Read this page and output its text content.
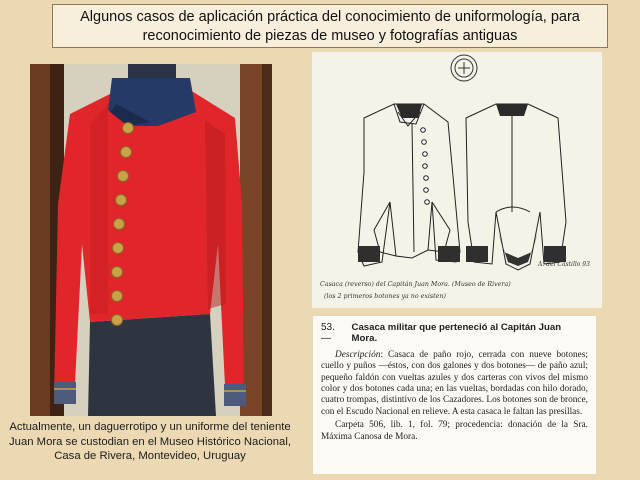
Algunos casos de aplicación práctica del conocimiento de uniformología, para
reconocimiento de piezas de museo y fotografías antiguas
Casaca (reverso) del Capitán Juan Mora. (Museo de Rivera)
(los 2 primeros botones ya no existen)
A. del Castillo 93
53. —
Casaca militar que perteneció al Capitán Juan Mora.
Descripción: Casaca de paño rojo, cerrada con nueve botones; cuello y puños —éstos, con dos galones y dos botones— de paño azul; pequeño faldón con vueltas azules y dos carteras con vivos del mismo color y dos botones cada una; en las vueltas, bordadas con hilo dorado, cuatro trompas, distintivo de los Cazadores. Los botones son de bronce, con el Escudo Nacional en relieve. A esta casaca le faltan las presillas.
Carpeta 506, lib. 1, fol. 79; procedencia: donación de la Sra. Máxima Canosa de Mora.
Actualmente, un daguerrotipo y un uniforme del teniente
Juan Mora se custodian en el Museo Histórico Nacional,
Casa de Rivera, Montevideo, Uruguay
